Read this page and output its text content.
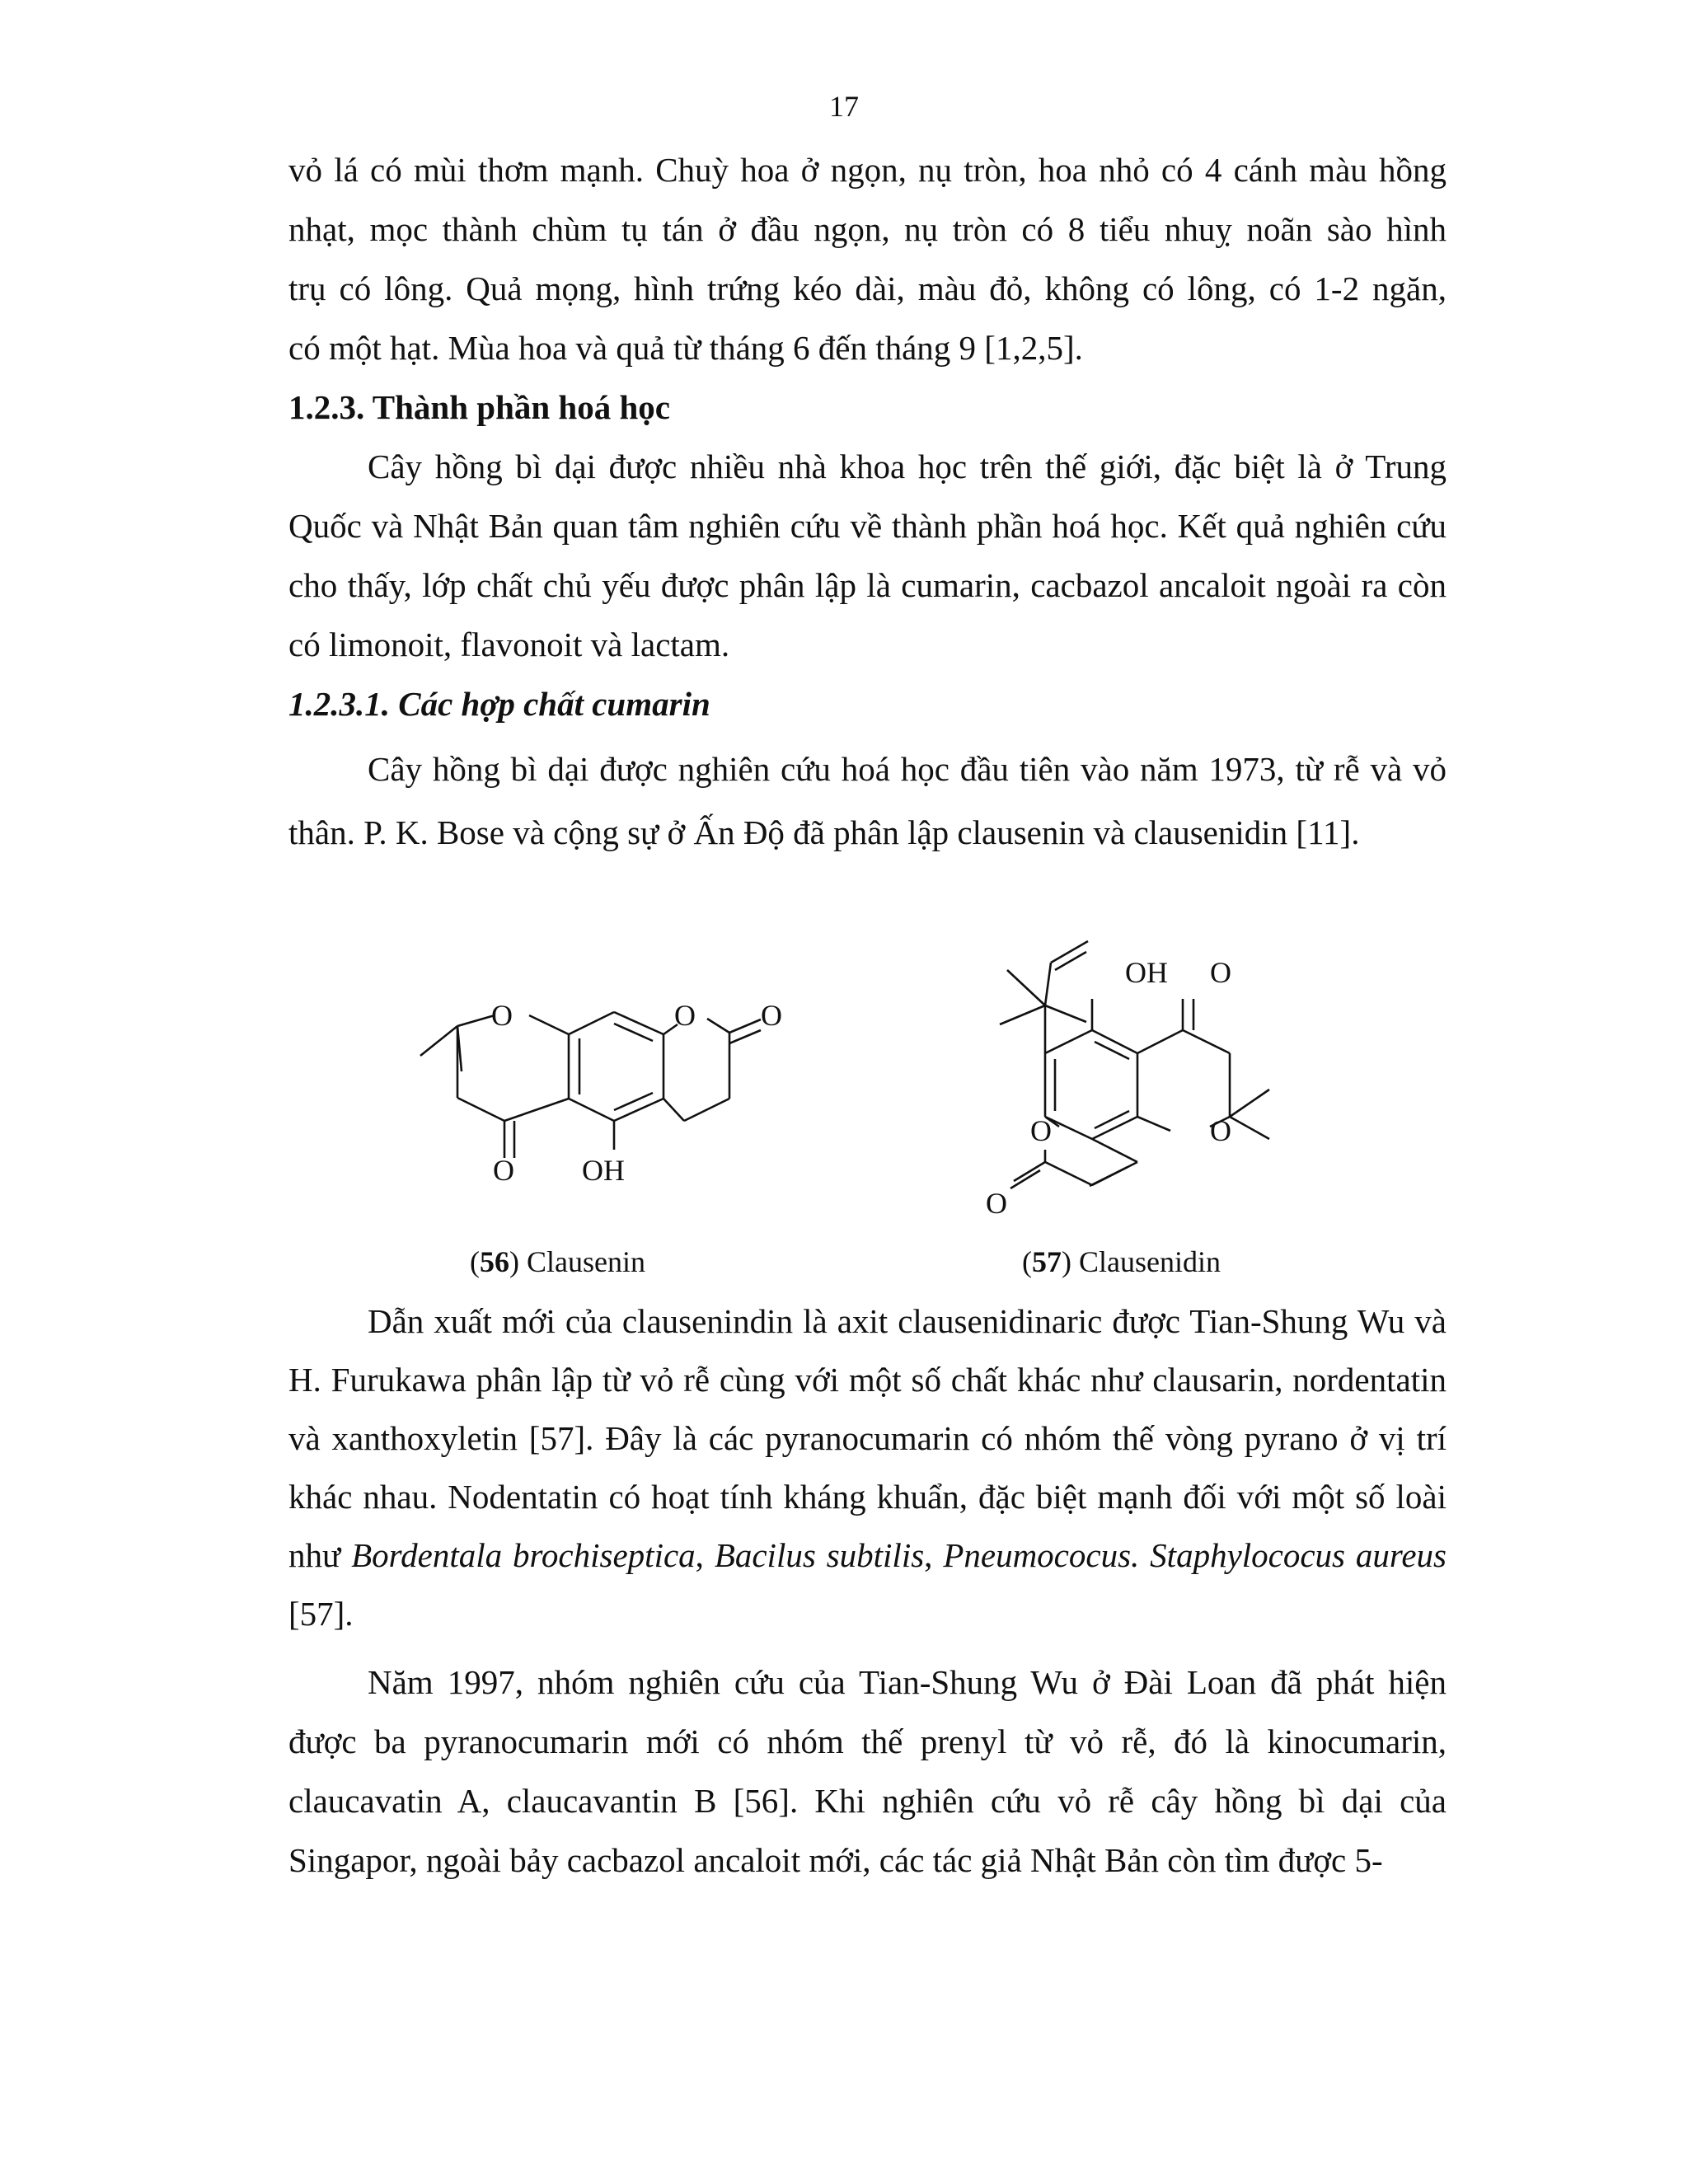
17
vỏ lá có mùi thơm mạnh. Chuỳ hoa ở ngọn, nụ tròn, hoa nhỏ có 4 cánh màu hồng
nhạt, mọc thành chùm tụ tán ở đầu ngọn, nụ tròn có 8 tiểu nhuỵ noãn sào hình
trụ có lông. Quả mọng, hình trứng kéo dài, màu đỏ, không có lông, có 1-2 ngăn,
có một hạt. Mùa hoa và quả từ tháng 6 đến tháng 9 [1,2,5].
1.2.3. Thành phần hoá học

Cây hồng bì dại được nhiều nhà khoa học trên thế giới, đặc biệt là ở Trung Quốc và Nhật Bản quan tâm nghiên cứu về thành phần hoá học. Kết quả nghiên cứu cho thấy, lớp chất chủ yếu được phân lập là cumarin, cacbazol ancaloit ngoài ra còn có limonoit, flavonoit và lactam.

1.2.3.1. Các hợp chất cumarin

Cây hồng bì dại được nghiên cứu hoá học đầu tiên vào năm 1973, từ rễ và vỏ thân. P. K. Bose và cộng sự ở Ấn Độ đã phân lập clausenin và clausenidin [11].

O	O O
O OH
OH O
O
O
O
(56) Clausenin	(57) Clausenidin

Dẫn xuất mới của clausenindin là axit clausenidinaric được Tian-Shung Wu và H. Furukawa phân lập từ vỏ rễ cùng với một số chất khác như clausarin, nordentatin và xanthoxyletin [57]. Đây là các pyranocumarin có nhóm thế vòng pyrano ở vị trí khác nhau. Nodentatin có hoạt tính kháng khuẩn, đặc biệt mạnh đối với một số loài như Bordentala brochiseptica, Bacilus subtilis, Pneumococus. Staphylococus aureus [57].

Năm 1997, nhóm nghiên cứu của Tian-Shung Wu ở Đài Loan đã phát hiện được ba pyranocumarin mới có nhóm thế prenyl từ vỏ rễ, đó là kinocumarin, claucavatin A, claucavantin B [56]. Khi nghiên cứu vỏ rễ cây hồng bì dại của Singapor, ngoài bảy cacbazol ancaloit mới, các tác giả Nhật Bản còn tìm được 5-
